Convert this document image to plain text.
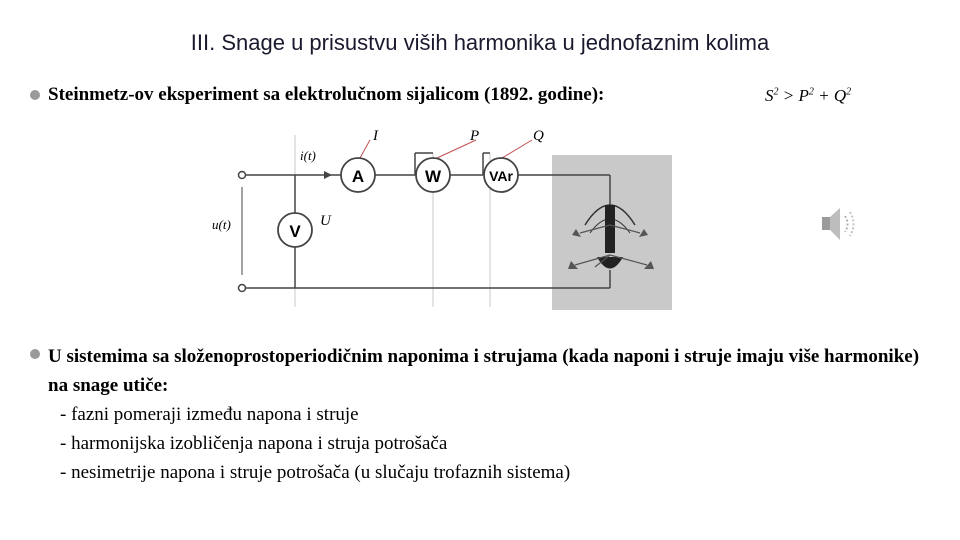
III. Snage u prisustvu viših harmonika u jednofaznim kolima
Steinmetz-ov eksperiment sa elektrolučnom sijalicom (1892. godine):	$S^2 > P^2 + Q^2$
A	W	VAr
V
I	P	Q
i(t)
u(t)	U
U sistemima sa složenoprostoperiodičnim naponima i strujama (kada naponi i struje imaju više harmonike) na snage utiče:
- fazni pomeraji između napona i struje
- harmonijska izobličenja napona i struja potrošača
- nesimetrije napona i struje potrošača (u slučaju trofaznih sistema)
